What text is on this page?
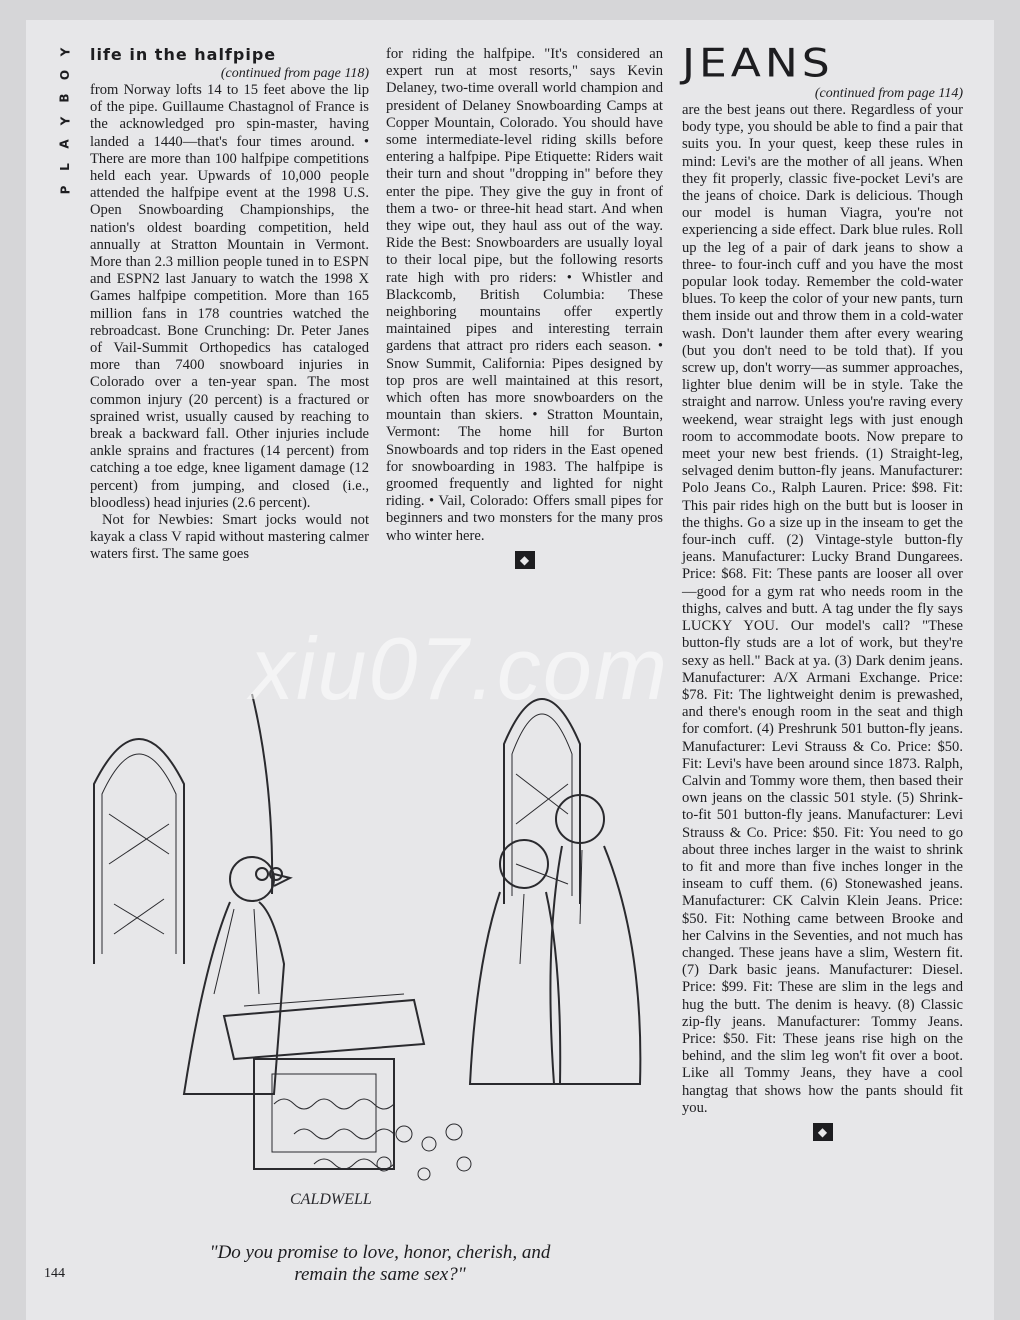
Y
O
B
Y
A
L
P
life in the halfpipe
(continued from page 118)

from Norway lofts 14 to 15 feet above the lip of the pipe. Guillaume Chastagnol of France is the acknowledged pro spin-master, having landed a 1440—that's four times around. • There are more than 100 halfpipe competitions held each year. Upwards of 10,000 people attended the halfpipe event at the 1998 U.S. Open Snowboarding Championships, the nation's oldest boarding competition, held annually at Stratton Mountain in Vermont. More than 2.3 million people tuned in to ESPN and ESPN2 last January to watch the 1998 X Games halfpipe competition. More than 165 million fans in 178 countries watched the rebroadcast. Bone Crunching: Dr. Peter Janes of Vail-Summit Orthopedics has cataloged more than 7400 snowboard injuries in Colorado over a ten-year span. The most common injury (20 percent) is a fractured or sprained wrist, usually caused by reaching to break a backward fall. Other injuries include ankle sprains and fractures (14 percent) from catching a toe edge, knee ligament damage (12 percent) from jumping, and closed (i.e., bloodless) head injuries (2.6 percent).

Not for Newbies: Smart jocks would not kayak a class V rapid without mastering calmer waters first. The same goes

for riding the halfpipe. "It's considered an expert run at most resorts," says Kevin Delaney, two-time overall world champion and president of Delaney Snowboarding Camps at Copper Mountain, Colorado. You should have some intermediate-level riding skills before entering a halfpipe. Pipe Etiquette: Riders wait their turn and shout "dropping in" before they enter the pipe. They give the guy in front of them a two- or three-hit head start. And when they wipe out, they haul ass out of the way. Ride the Best: Snowboarders are usually loyal to their local pipe, but the following resorts rate high with pro riders: • Whistler and Blackcomb, British Columbia: These neighboring mountains offer expertly maintained pipes and interesting terrain gardens that attract pro riders each season. • Snow Summit, California: Pipes designed by top pros are well maintained at this resort, which often has more snowboarders on the mountain than skiers. • Stratton Mountain, Vermont: The home hill for Burton Snowboards and top riders in the East opened for snowboarding in 1983. The halfpipe is groomed frequently and lighted for night riding. • Vail, Colorado: Offers small pipes for beginners and two monsters for the many pros who winter here.

◆
JEANS
(continued from page 114)

are the best jeans out there. Regardless of your body type, you should be able to find a pair that suits you. In your quest, keep these rules in mind: Levi's are the mother of all jeans. When they fit properly, classic five-pocket Levi's are the jeans of choice. Dark is delicious. Though our model is human Viagra, you're not experiencing a side effect. Dark blue rules. Roll up the leg of a pair of dark jeans to show a three- to four-inch cuff and you have the most popular look today. Remember the cold-water blues. To keep the color of your new pants, turn them inside out and throw them in a cold-water wash. Don't launder them after every wearing (but you don't need to be told that). If you screw up, don't worry—as summer approaches, lighter blue denim will be in style. Take the straight and narrow. Unless you're raving every weekend, wear straight legs with just enough room to accommodate boots. Now prepare to meet your new best friends. (1) Straight-leg, selvaged denim button-fly jeans. Manufacturer: Polo Jeans Co., Ralph Lauren. Price: $98. Fit: This pair rides high on the butt but is looser in the thighs. Go a size up in the inseam to get the four-inch cuff. (2) Vintage-style button-fly jeans. Manufacturer: Lucky Brand Dungarees. Price: $68. Fit: These pants are looser all over—good for a gym rat who needs room in the thighs, calves and butt. A tag under the fly says LUCKY YOU. Our model's call? "These button-fly studs are a lot of work, but they're sexy as hell." Back at ya. (3) Dark denim jeans. Manufacturer: A/X Armani Exchange. Price: $78. Fit: The lightweight denim is prewashed, and there's enough room in the seat and thigh for comfort. (4) Preshrunk 501 button-fly jeans. Manufacturer: Levi Strauss & Co. Price: $50. Fit: Levi's have been around since 1873. Ralph, Calvin and Tommy wore them, then based their own jeans on the classic 501 style. (5) Shrink-to-fit 501 button-fly jeans. Manufacturer: Levi Strauss & Co. Price: $50. Fit: You need to go about three inches larger in the waist to shrink to fit and more than five inches longer in the inseam to cuff them. (6) Stonewashed jeans. Manufacturer: CK Calvin Klein Jeans. Price: $50. Fit: Nothing came between Brooke and her Calvins in the Seventies, and not much has changed. These jeans have a slim, Western fit. (7) Dark basic jeans. Manufacturer: Diesel. Price: $99. Fit: These are slim in the legs and hug the butt. The denim is heavy. (8) Classic zip-fly jeans. Manufacturer: Tommy Jeans. Price: $50. Fit: These jeans rise high on the behind, and the slim leg won't fit over a boot. Like all Tommy Jeans, they have a cool hangtag that shows how the pants should fit you.

◆
CALDWELL
"Do you promise to love, honor, cherish, and
remain the same sex?"
144
xiu07.com
